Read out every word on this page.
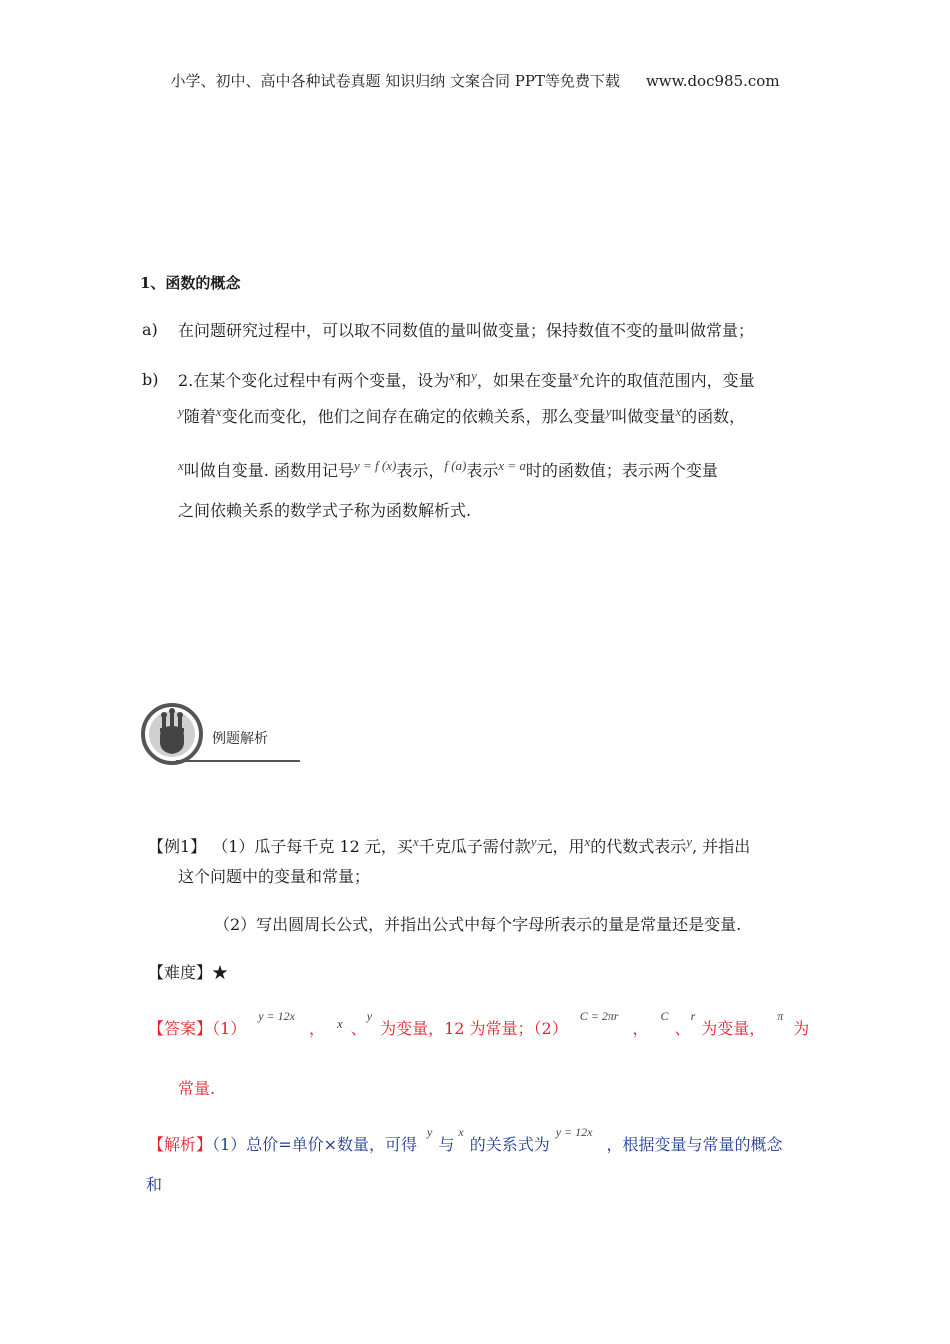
小学、初中、高中各种试卷真题 知识归纳 文案合同 PPT等免费下载 www.doc985.com
1、函数的概念
a) 在问题研究过程中，可以取不同数值的量叫做变量；保持数值不变的量叫做常量；
b) 2.在某个变化过程中有两个变量，设为$^x$和$^y$，如果在变量$^x$允许的取值范围内，变量
$^y$随着$^x$变化而变化，他们之间存在确定的依赖关系，那么变量$^y$叫做变量$^x$的函数，
$^x$叫做自变量. 函数用记号$^{y = f (x)}$表示，$^{f (a)}$表示$^{x = a}$时的函数值；表示两个变量
之间依赖关系的数学式子称为函数解析式.
例题解析
【例1】 （1）瓜子每千克 12 元，买$^x$千克瓜子需付款$^y$元，用$^x$的代数式表示$^y$, 并指出
这个问题中的变量和常量；
（2）写出圆周长公式，并指出公式中每个字母所表示的量是常量还是变量.
【难度】★
【答案】$(1)^{y = 12x}$， $^x$ 、$^y$为变量，12 为常量；$(2)^{C = 2\pi r}$，$^C$、$^r$为变量，$^\pi$为
常量.
【解析】（1）总价=单价×数量，可得$^y$与$^x$的关系式为$^{y = 12x}$，根据变量与常量的概念
和
